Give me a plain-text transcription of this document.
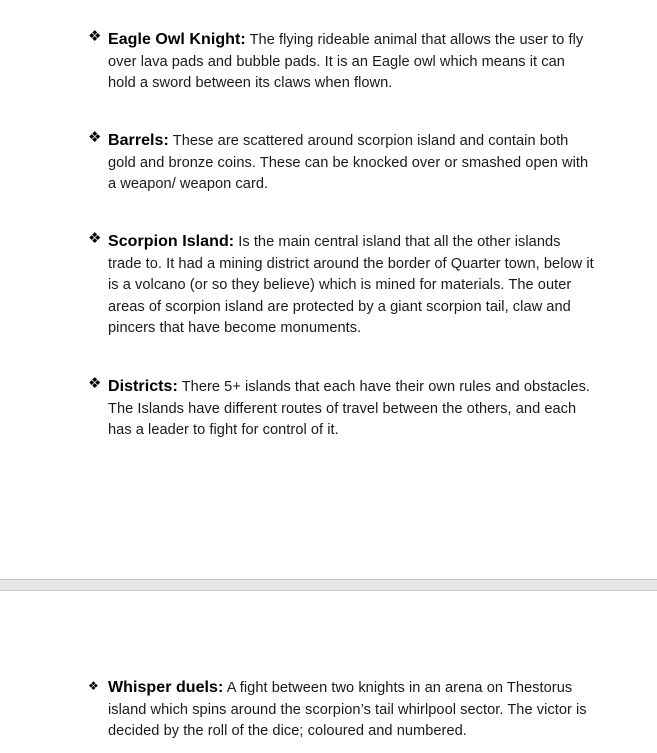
❖ Eagle Owl Knight: The flying rideable animal that allows the user to fly over lava pads and bubble pads. It is an Eagle owl which means it can hold a sword between its claws when flown.
❖ Barrels: These are scattered around scorpion island and contain both gold and bronze coins. These can be knocked over or smashed open with a weapon/ weapon card.
❖ Scorpion Island: Is the main central island that all the other islands trade to. It had a mining district around the border of Quarter town, below it is a volcano (or so they believe) which is mined for materials. The outer areas of scorpion island are protected by a giant scorpion tail, claw and pincers that have become monuments.
❖ Districts: There 5+ islands that each have their own rules and obstacles. The Islands have different routes of travel between the others, and each has a leader to fight for control of it.
❖ Whisper duels: A fight between two knights in an arena on Thestorus island which spins around the scorpion’s tail whirlpool sector. The victor is decided by the roll of the dice; coloured and numbered.
